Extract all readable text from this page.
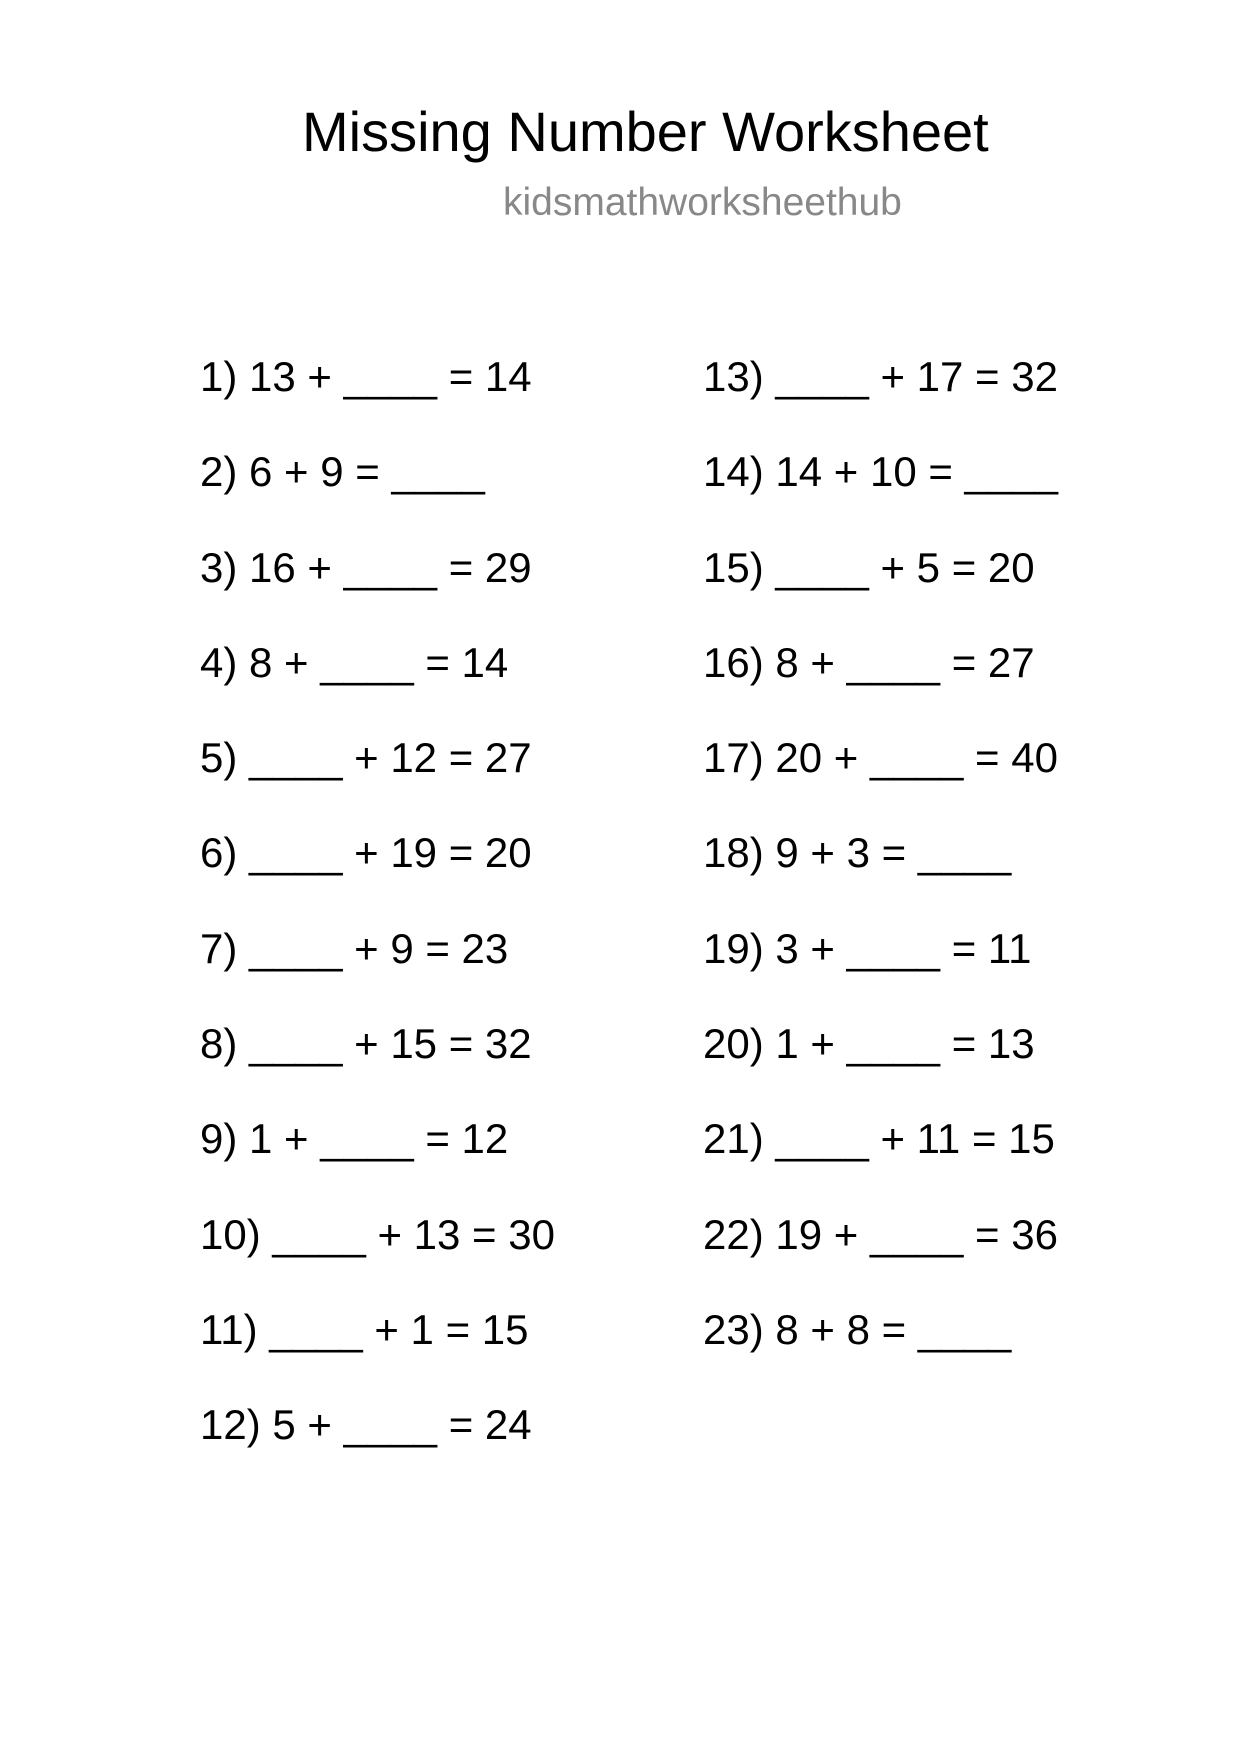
Missing Number Worksheet
kidsmathworksheethub
1) 13 + ____ = 14
2) 6 + 9 = ____
3) 16 + ____ = 29
4) 8 + ____ = 14
5) ____ + 12 = 27
6) ____ + 19 = 20
7) ____ + 9 = 23
8) ____ + 15 = 32
9) 1 + ____ = 12
10) ____ + 13 = 30
11) ____ + 1 = 15
12) 5 + ____ = 24
13) ____ + 17 = 32
14) 14 + 10 = ____
15) ____ + 5 = 20
16) 8 + ____ = 27
17) 20 + ____ = 40
18) 9 + 3 = ____
19) 3 + ____ = 11
20) 1 + ____ = 13
21) ____ + 11 = 15
22) 19 + ____ = 36
23) 8 + 8 = ____
